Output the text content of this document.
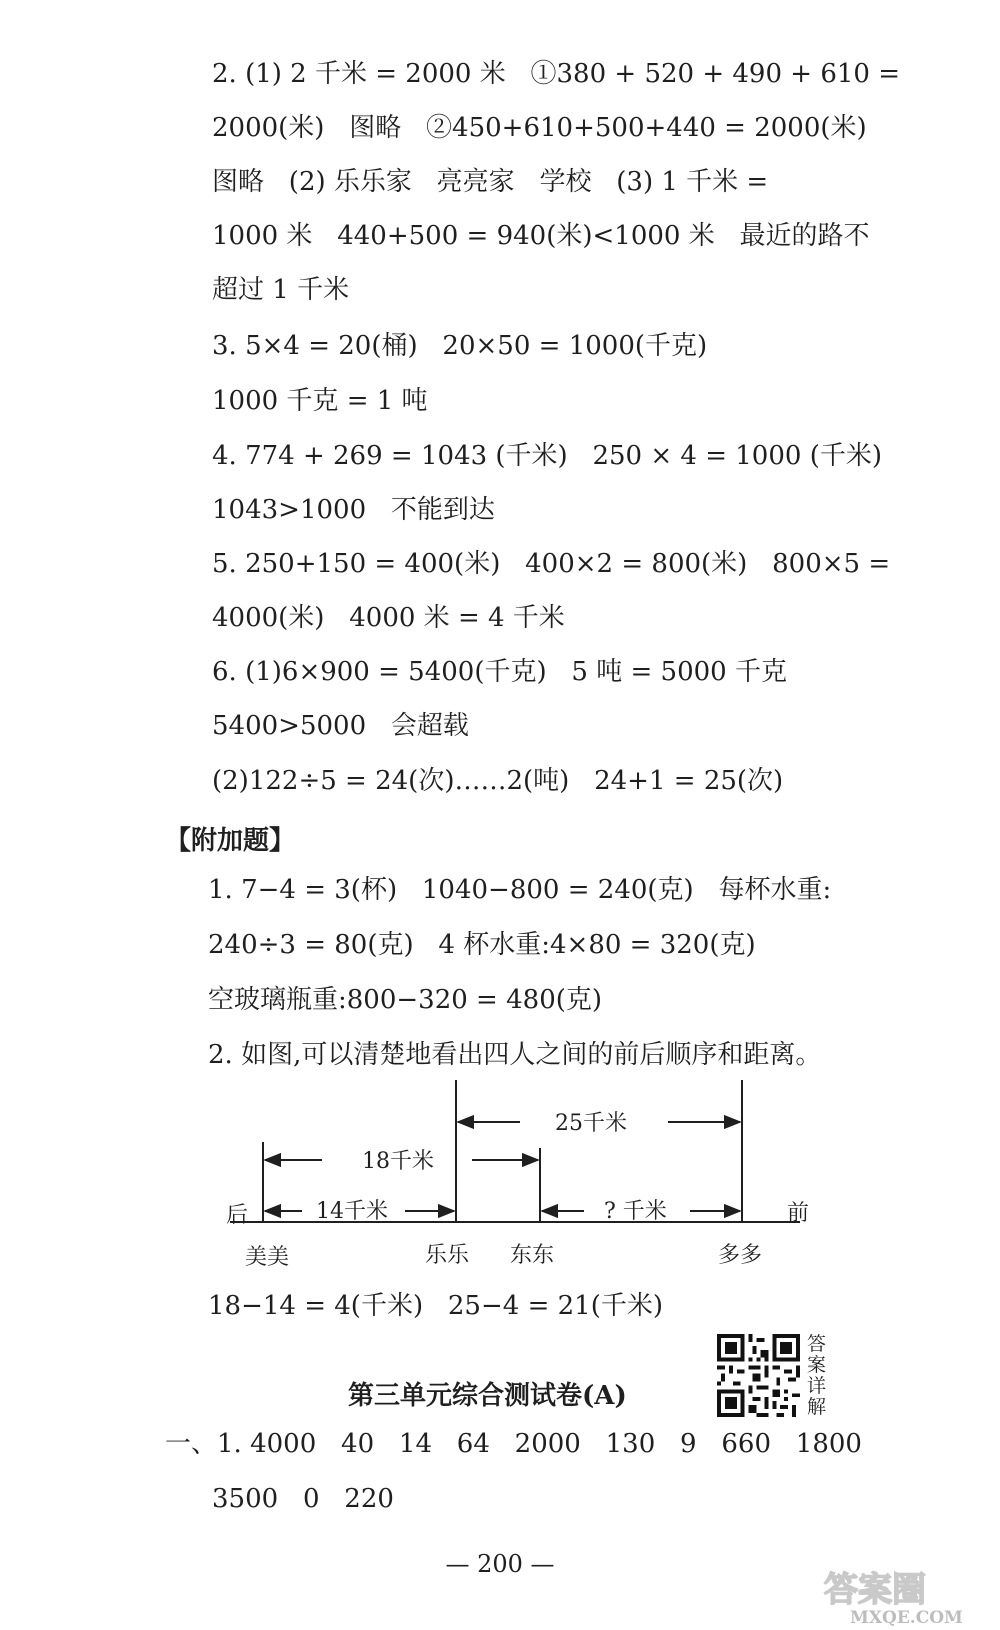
2. (1) 2 千米 = 2000 米   ①380 + 520 + 490 + 610 =
2000(米)   图略   ②450+610+500+440 = 2000(米)
图略   (2) 乐乐家   亮亮家   学校   (3) 1 千米 =
1000 米   440+500 = 940(米)<1000 米   最近的路不
超过 1 千米
3. 5×4 = 20(桶)   20×50 = 1000(千克)
1000 千克 = 1 吨
4. 774 + 269 = 1043 (千米)   250 × 4 = 1000 (千米)
1043>1000   不能到达
5. 250+150 = 400(米)   400×2 = 800(米)   800×5 =
4000(米)   4000 米 = 4 千米
6. (1)6×900 = 5400(千克)   5 吨 = 5000 千克
5400>5000   会超载
(2)122÷5 = 24(次)……2(吨)   24+1 = 25(次)
【附加题】
1. 7−4 = 3(杯)   1040−800 = 240(克)   每杯水重:
240÷3 = 80(克)   4 杯水重:4×80 = 320(克)
空玻璃瓶重:800−320 = 480(克)
2. 如图,可以清楚地看出四人之间的前后顺序和距离。
25千米
18千米
14千米	? 千米
后	前
美美	乐乐 东东	多多
18−14 = 4(千米)   25−4 = 21(千米)
第三单元综合测试卷(A)
答案详解
一、1. 4000   40   14   64   2000   130   9   660   1800
3500   0   220
— 200 —
答案圈
MXQE.COM
